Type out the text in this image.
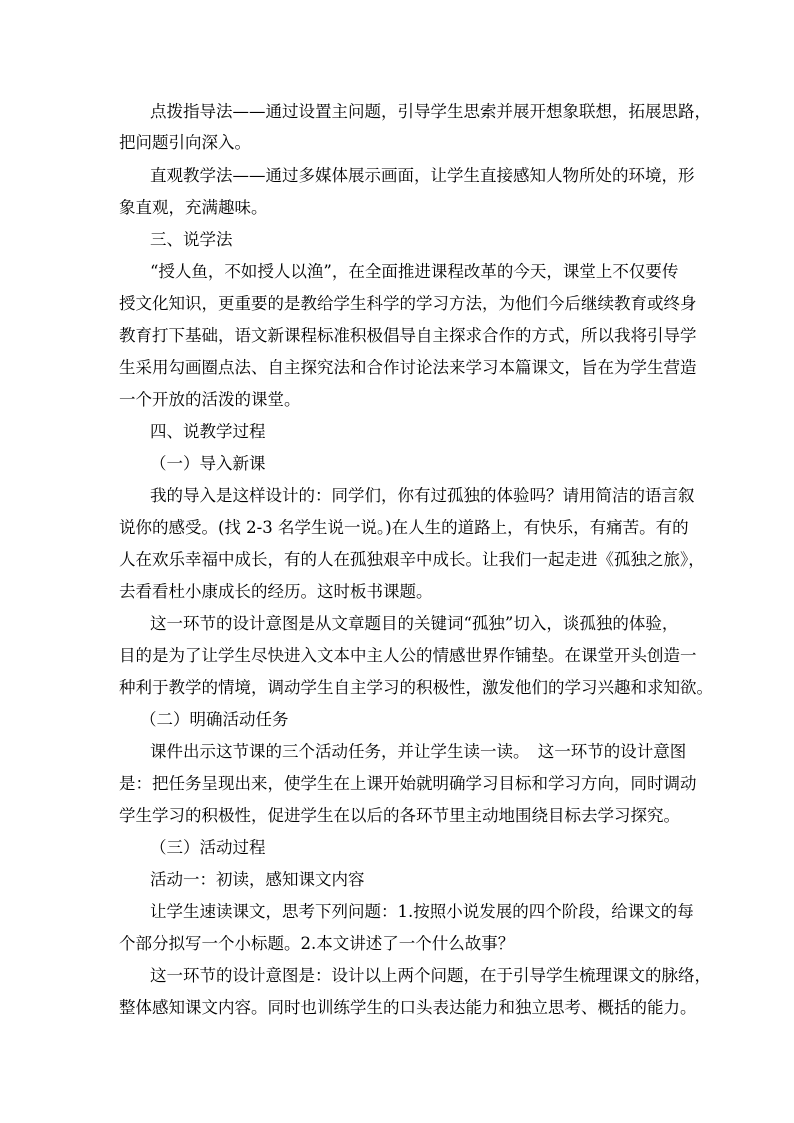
点拨指导法——通过设置主问题，引导学生思索并展开想象联想，拓展思路，
把问题引向深入。
直观教学法——通过多媒体展示画面，让学生直接感知人物所处的环境，形
象直观，充满趣味。
三、说学法
“授人鱼，不如授人以渔”，在全面推进课程改革的今天，课堂上不仅要传
授文化知识，更重要的是教给学生科学的学习方法，为他们今后继续教育或终身
教育打下基础，语文新课程标准积极倡导自主探求合作的方式，所以我将引导学
生采用勾画圈点法、自主探究法和合作讨论法来学习本篇课文，旨在为学生营造
一个开放的活泼的课堂。
四、说教学过程
（一）导入新课
我的导入是这样设计的：同学们，你有过孤独的体验吗？请用简洁的语言叙
说你的感受。(找 2-3 名学生说一说。)在人生的道路上，有快乐，有痛苦。有的
人在欢乐幸福中成长，有的人在孤独艰辛中成长。让我们一起走进《孤独之旅》，
去看看杜小康成长的经历。这时板书课题。
这一环节的设计意图是从文章题目的关键词“孤独”切入，谈孤独的体验，
目的是为了让学生尽快进入文本中主人公的情感世界作铺垫。在课堂开头创造一
种利于教学的情境，调动学生自主学习的积极性，激发他们的学习兴趣和求知欲。
（二）明确活动任务
课件出示这节课的三个活动任务，并让学生读一读。　这一环节的设计意图
是：把任务呈现出来，使学生在上课开始就明确学习目标和学习方向，同时调动
学生学习的积极性，促进学生在以后的各环节里主动地围绕目标去学习探究。
（三）活动过程
活动一：初读，感知课文内容
让学生速读课文，思考下列问题：1.按照小说发展的四个阶段，给课文的每
个部分拟写一个小标题。2.本文讲述了一个什么故事？
这一环节的设计意图是：设计以上两个问题，在于引导学生梳理课文的脉络，
整体感知课文内容。同时也训练学生的口头表达能力和独立思考、概括的能力。
